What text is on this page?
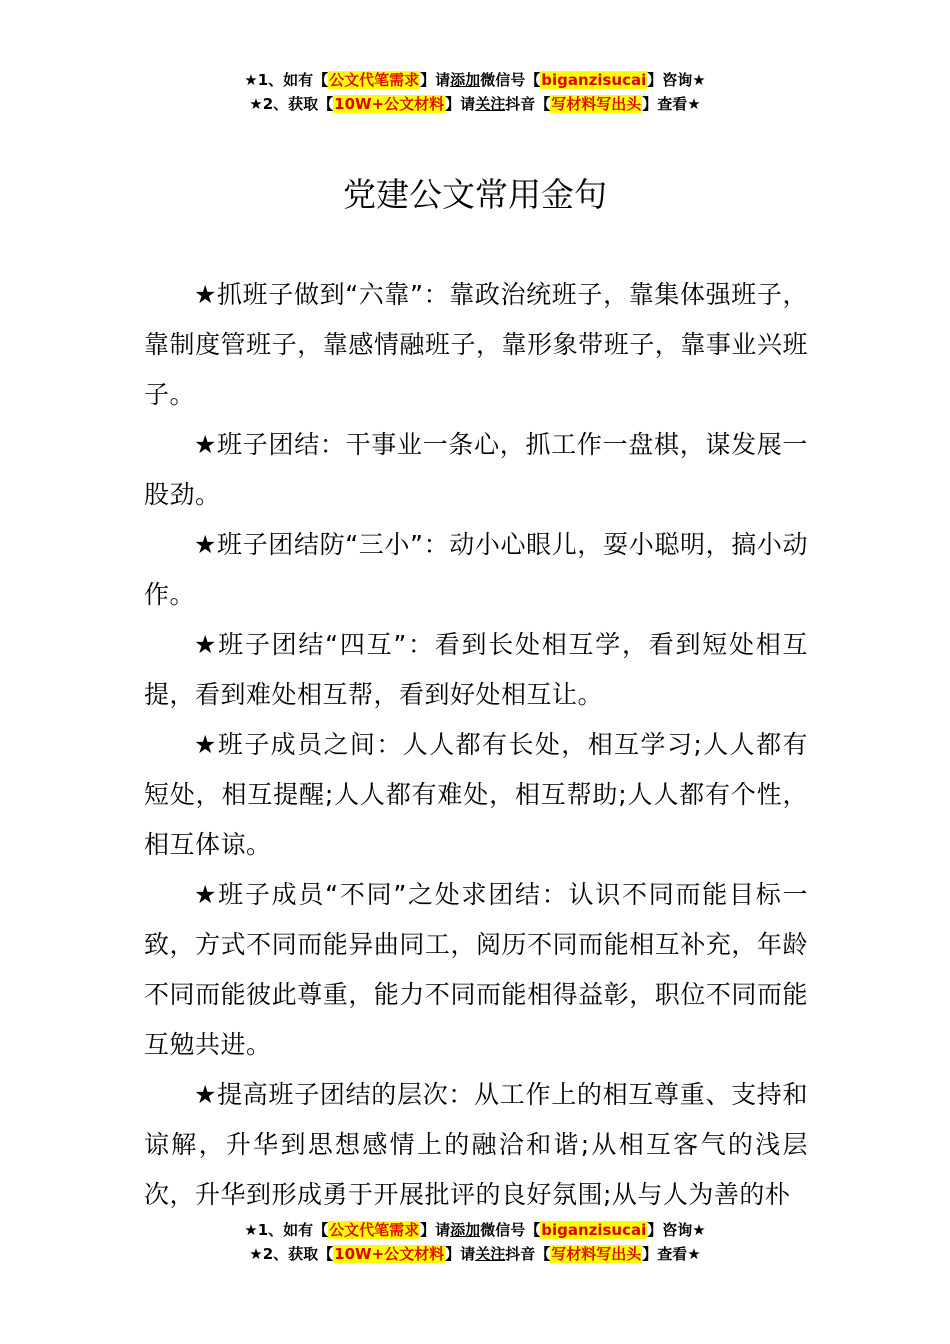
★1、如有【公文代笔需求】请添加微信号【biganzisucai】咨询★
★2、获取【10W+公文材料】请关注抖音【写材料写出头】查看★
党建公文常用金句

★抓班子做到“六靠”：靠政治统班子，靠集体强班子，靠制度管班子，靠感情融班子，靠形象带班子，靠事业兴班子。

★班子团结：干事业一条心，抓工作一盘棋，谋发展一股劲。

★班子团结防“三小”：动小心眼儿，耍小聪明，搞小动作。

★班子团结“四互”：看到长处相互学，看到短处相互提，看到难处相互帮，看到好处相互让。

★班子成员之间：人人都有长处，相互学习;人人都有短处，相互提醒;人人都有难处，相互帮助;人人都有个性，相互体谅。

★班子成员“不同”之处求团结：认识不同而能目标一致，方式不同而能异曲同工，阅历不同而能相互补充，年龄不同而能彼此尊重，能力不同而能相得益彰，职位不同而能互勉共进。

★提高班子团结的层次：从工作上的相互尊重、支持和谅解，升华到思想感情上的融洽和谐;从相互客气的浅层次，升华到形成勇于开展批评的良好氛围;从与人为善的朴

★1、如有【公文代笔需求】请添加微信号【biganzisucai】咨询★
★2、获取【10W+公文材料】请关注抖音【写材料写出头】查看★
